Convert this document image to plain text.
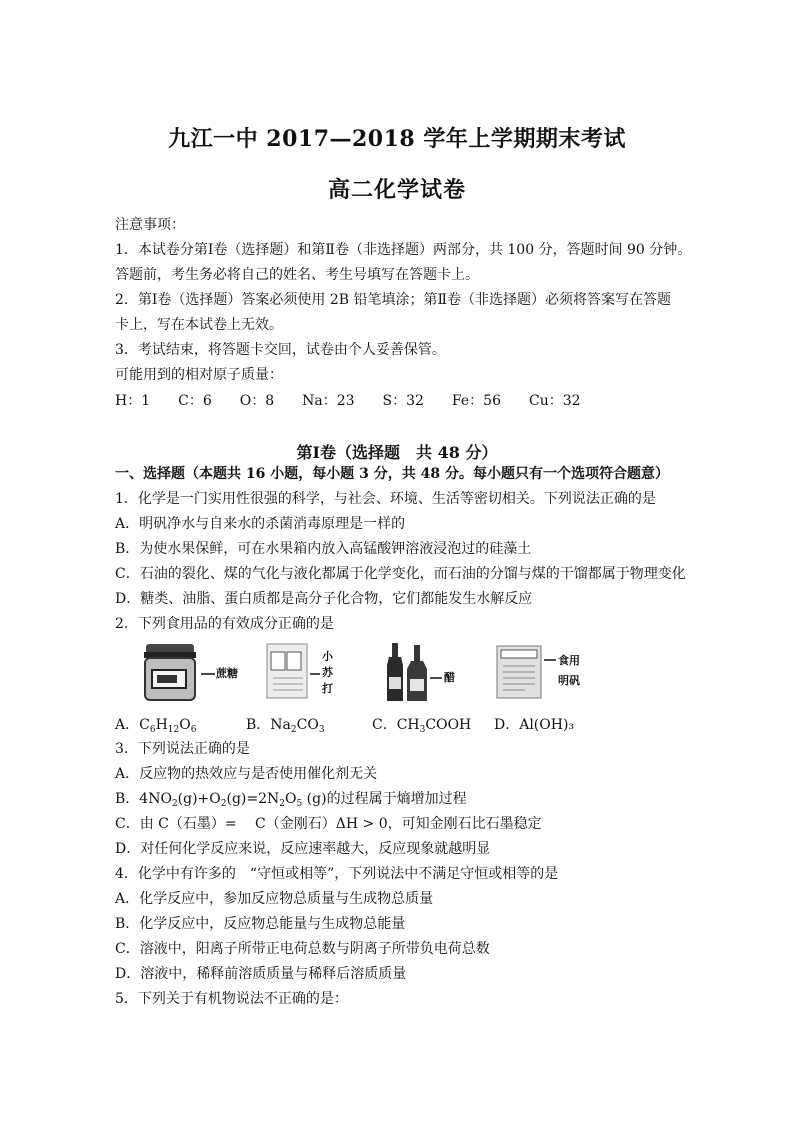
九江一中 2017—2018 学年上学期期末考试
高二化学试卷
注意事项：
1．本试卷分第Ⅰ卷（选择题）和第Ⅱ卷（非选择题）两部分，共 100 分，答题时间 90 分钟。
答题前，考生务必将自己的姓名、考生号填写在答题卡上。
2．第Ⅰ卷（选择题）答案必须使用 2B 铅笔填涂；第Ⅱ卷（非选择题）必须将答案写在答题
卡上，写在本试卷上无效。
3．考试结束，将答题卡交回，试卷由个人妥善保管。
可能用到的相对原子质量：
H：1　　C：6　　O：8　　Na：23　　S：32　　Fe：56　　Cu：32
第Ⅰ卷（选择题　共 48 分）
一、选择题（本题共 16 小题，每小题 3 分，共 48 分。每小题只有一个选项符合题意）
1．化学是一门实用性很强的科学，与社会、环境、生活等密切相关。下列说法正确的是
A．明矾净水与自来水的杀菌消毒原理是一样的
B．为使水果保鲜，可在水果箱内放入高锰酸钾溶液浸泡过的硅藻土
C．石油的裂化、煤的气化与液化都属于化学变化，而石油的分馏与煤的干馏都属于物理变化
D．糖类、油脂、蛋白质都是高分子化合物，它们都能发生水解反应
2．下列食用品的有效成分正确的是
蔗糖
小
苏
打
醋
食用
明矾
A．$C_6H_{12}O_6$	B．$Na_2CO_3$	C．$CH_3COOH$ D．Al(OH)₃
3．下列说法正确的是
A．反应物的热效应与是否使用催化剂无关
B．$4NO_2(g)+O_2(g)=2N_2O_5$ (g)的过程属于熵增加过程
C．由 C（石墨）= 　C（金刚石）ΔH > 0，可知金刚石比石墨稳定
D．对任何化学反应来说，反应速率越大，反应现象就越明显
4．化学中有许多的　“守恒或相等”，下列说法中不满足守恒或相等的是
A．化学反应中，参加反应物总质量与生成物总质量
B．化学反应中，反应物总能量与生成物总能量
C．溶液中，阳离子所带正电荷总数与阴离子所带负电荷总数
D．溶液中，稀释前溶质质量与稀释后溶质质量
5．下列关于有机物说法不正确的是：
